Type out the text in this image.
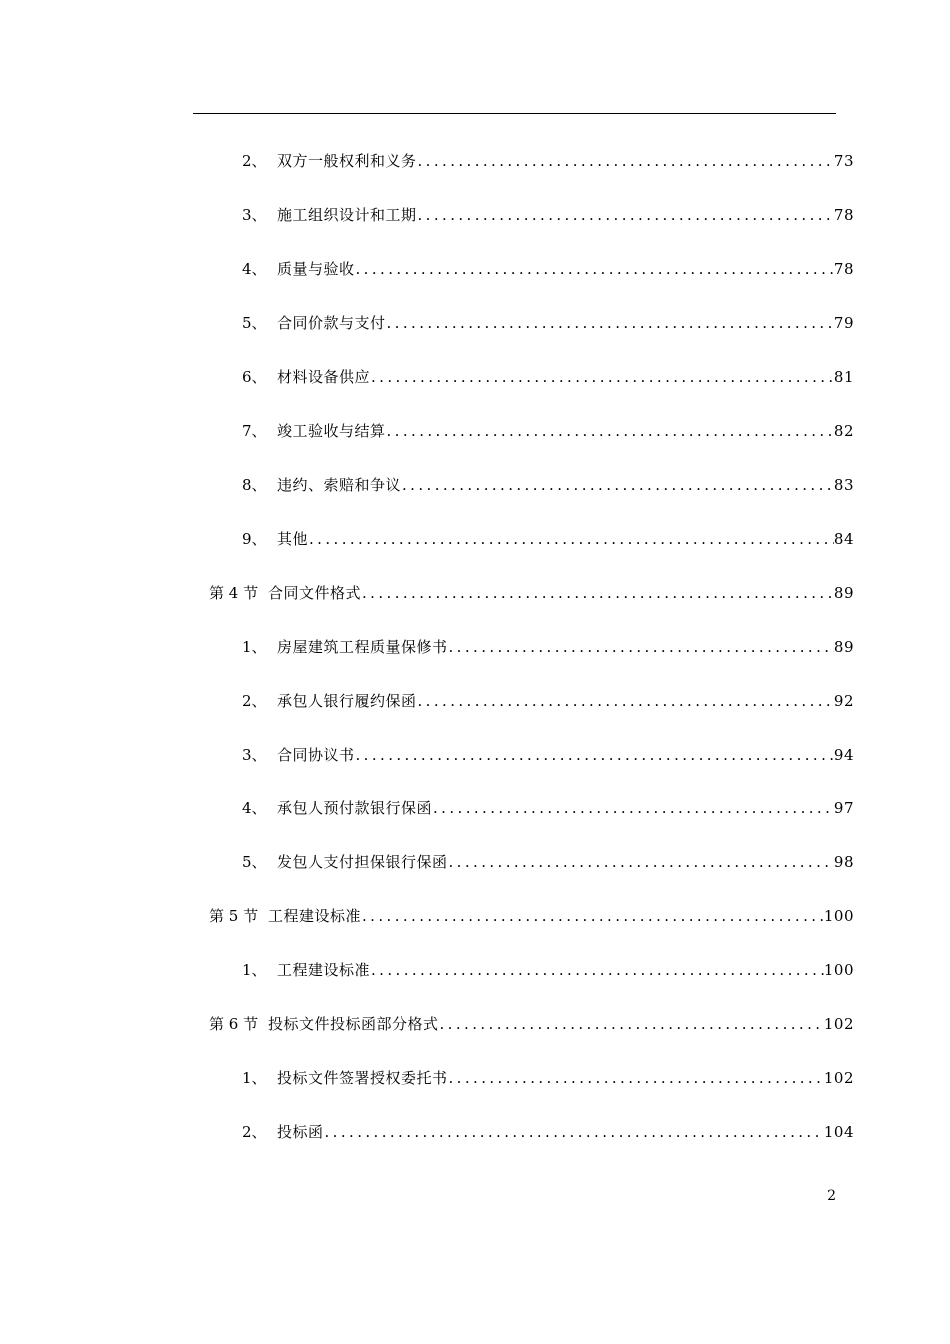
2、 双方一般权利和义务 .....	73
3、 施工组织设计和工期 .....	78
4、 质量与验收 .....	78
5、 合同价款与支付 .....	79
6、 材料设备供应 .....	81
7、 竣工验收与结算 .....	82
8、 违约、索赔和争议 .....	83
9、 其他 .....	84
第 4 节 合同文件格式 .....	89
1、 房屋建筑工程质量保修书 .....	89
2、 承包人银行履约保函 .....	92
3、 合同协议书 .....	94
4、 承包人预付款银行保函 .....	97
5、 发包人支付担保银行保函 .....	98
第 5 节 工程建设标准 .....	100
1、 工程建设标准 .....	100
第 6 节 投标文件投标函部分格式 .....	102
1、 投标文件签署授权委托书 .....	102
2、 投标函 .....	104
2
